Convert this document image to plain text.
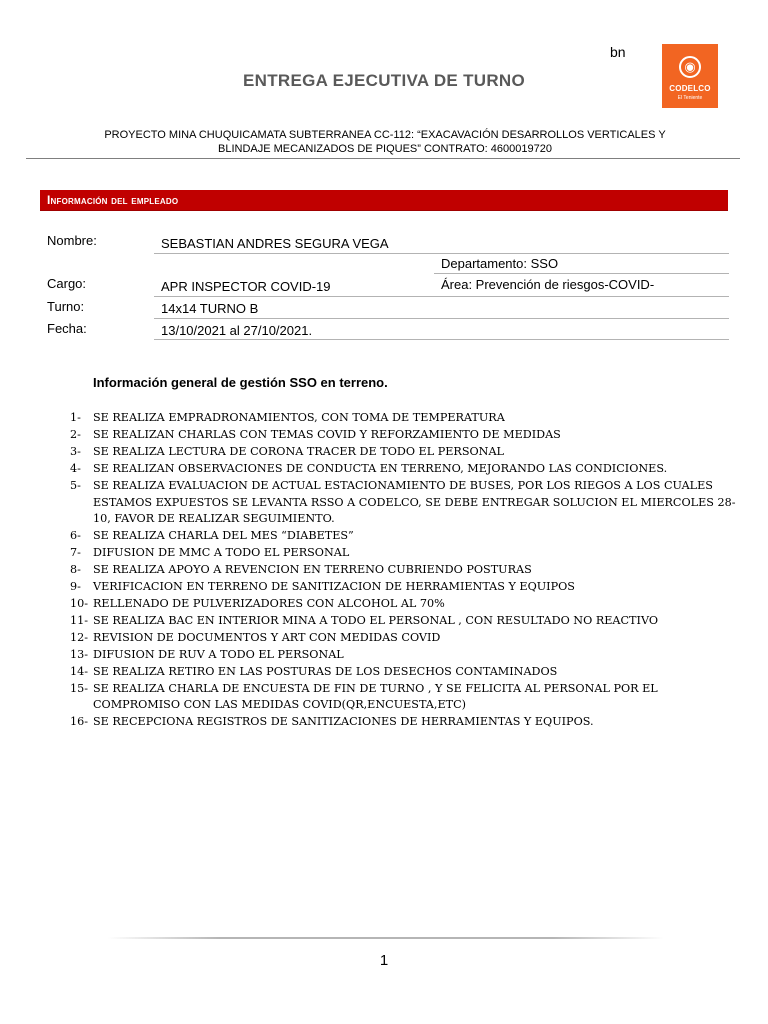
bn
ENTREGA EJECUTIVA DE TURNO
◉
CODELCO
El Teniente
PROYECTO MINA CHUQUICAMATA SUBTERRANEA CC-112: “EXACAVACIÓN DESARROLLOS VERTICALES Y
BLINDAJE MECANIZADOS DE PIQUES” CONTRATO: 4600019720
Información del empleado
Nombre:	SEBASTIAN ANDRES SEGURA VEGA
Departamento: SSO
Cargo:	APR INSPECTOR COVID-19	Área: Prevención de riesgos-COVID-
Turno:	14x14 TURNO B
Fecha:	13/10/2021 al 27/10/2021.
Información general de gestión SSO en terreno.
1- SE REALIZA EMPRADRONAMIENTOS, CON TOMA DE TEMPERATURA
2- SE REALIZAN CHARLAS CON TEMAS COVID Y REFORZAMIENTO DE MEDIDAS
3- SE REALIZA LECTURA DE CORONA TRACER DE TODO EL PERSONAL
4- SE REALIZAN OBSERVACIONES DE CONDUCTA EN TERRENO, MEJORANDO LAS CONDICIONES.
5- SE REALIZA EVALUACION DE ACTUAL ESTACIONAMIENTO DE BUSES, POR LOS RIEGOS A LOS CUALES ESTAMOS EXPUESTOS SE LEVANTA RSSO A CODELCO, SE DEBE ENTREGAR SOLUCION EL MIERCOLES 28-10, FAVOR DE REALIZAR SEGUIMIENTO.
6- SE REALIZA CHARLA DEL MES “DIABETES”
7- DIFUSION DE MMC A TODO EL PERSONAL
8- SE REALIZA APOYO A REVENCION EN TERRENO CUBRIENDO POSTURAS
9- VERIFICACION EN TERRENO DE SANITIZACION DE HERRAMIENTAS Y EQUIPOS
10- RELLENADO DE PULVERIZADORES CON ALCOHOL AL 70%
11- SE REALIZA BAC EN INTERIOR MINA A TODO EL PERSONAL , CON RESULTADO NO REACTIVO
12- REVISION DE DOCUMENTOS Y ART CON MEDIDAS COVID
13- DIFUSION DE RUV A TODO EL PERSONAL
14- SE REALIZA RETIRO EN LAS POSTURAS DE LOS DESECHOS CONTAMINADOS
15- SE REALIZA CHARLA DE ENCUESTA DE FIN DE TURNO , Y SE FELICITA AL PERSONAL POR EL COMPROMISO CON LAS MEDIDAS COVID(QR,ENCUESTA,ETC)
16- SE RECEPCIONA REGISTROS DE SANITIZACIONES DE HERRAMIENTAS Y EQUIPOS.
1
